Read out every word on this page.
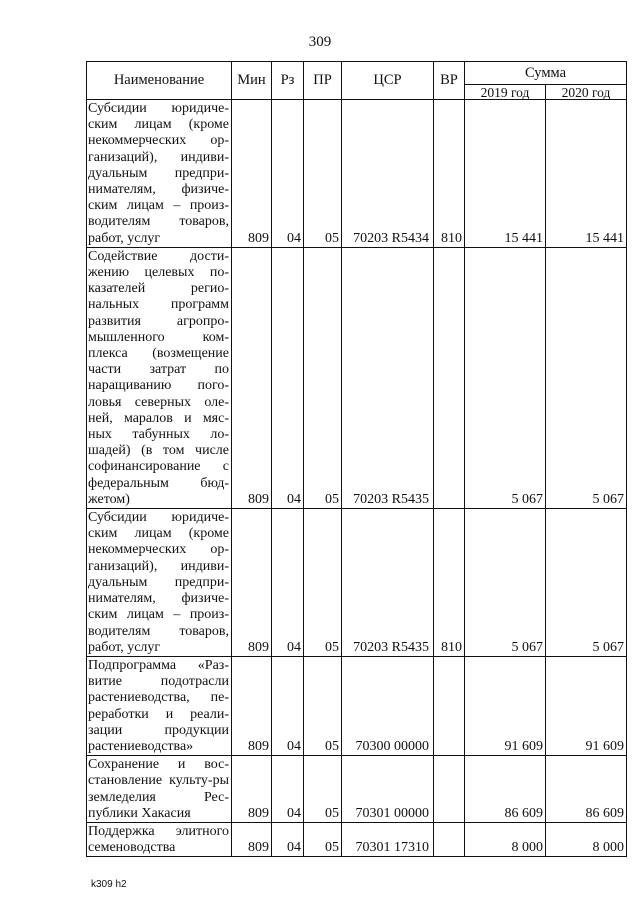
309
Наименование	Мин	Рз	ПР	ЦСР	ВР	Сумма	
						2019 год	2020 год
Субсидии юридиче-ским лицам (кроме некоммерческих ор-ганизаций), индиви-дуальным предпри-нимателям, физиче-ским лицам – произ-водителям товаров, работ, услуг	809	04	05	70203 R5434	810	15 441	15 441
Содействие дости-жению целевых по-казателей регио-нальных программ развития агропро-мышленного ком-плекса (возмещение части затрат по наращиванию пого-ловья северных оле-ней, маралов и мяс-ных табунных ло-шадей) (в том числе софинансирование с федеральным бюд-жетом)	809	04	05	70203 R5435		5 067	5 067
Субсидии юридиче-ским лицам (кроме некоммерческих ор-ганизаций), индиви-дуальным предпри-нимателям, физиче-ским лицам – произ-водителям товаров, работ, услуг	809	04	05	70203 R5435	810	5 067	5 067
Подпрограмма «Раз-витие подотрасли растениеводства, пе-реработки и реали-зации продукции растениеводства»	809	04	05	70300 00000		91 609	91 609
Сохранение и вос-становление культу-ры земледелия Рес-публики Хакасия	809	04	05	70301 00000		86 609	86 609
Поддержка элитного семеноводства	809	04	05	70301 17310		8 000	8 000
k309 h2
